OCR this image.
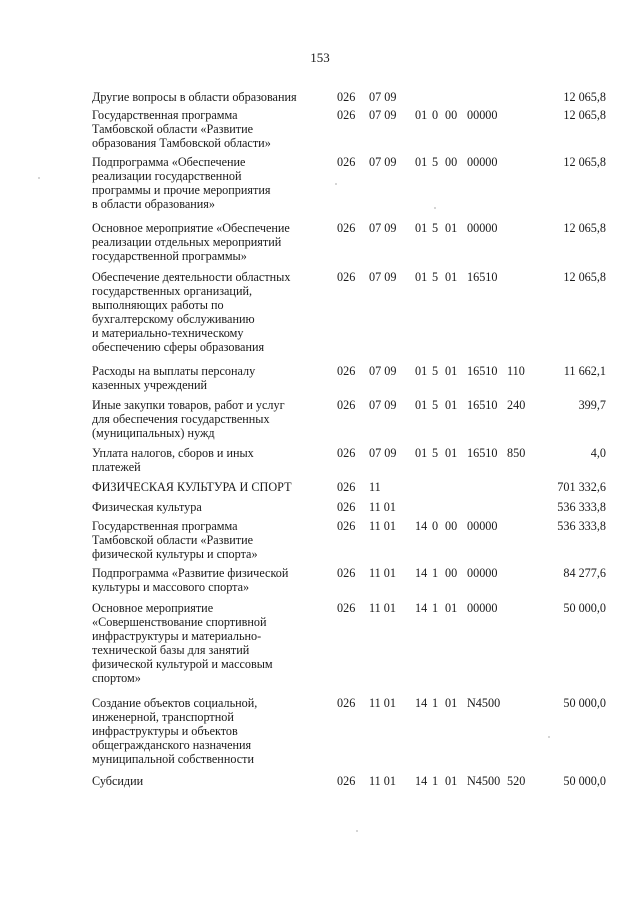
153
Другие вопросы в области образования	026 07 09	12 065,8
Государственная программа
Тамбовской области «Развитие
образования Тамбовской области»
026 07 09 01 0 00 00000	12 065,8
Подпрограмма «Обеспечение
реализации государственной
программы и прочие мероприятия
в области образования»
026 07 09 01 5 00 00000	12 065,8
Основное мероприятие «Обеспечение
реализации отдельных мероприятий
государственной программы»
026 07 09 01 5 01 00000	12 065,8
Обеспечение деятельности областных
государственных организаций,
выполняющих работы по
бухгалтерскому обслуживанию
и материально-техническому
обеспечению сферы образования
026 07 09 01 5 01 16510	12 065,8
Расходы на выплаты персоналу
казенных учреждений
026 07 09 01 5 01 16510 110	11 662,1
Иные закупки товаров, работ и услуг
для обеспечения государственных
(муниципальных) нужд
026 07 09 01 5 01 16510 240	399,7
Уплата налогов, сборов и иных
платежей
026 07 09 01 5 01 16510 850	4,0
ФИЗИЧЕСКАЯ КУЛЬТУРА И СПОРТ	026 11	701 332,6
Физическая культура	026 11 01	536 333,8
Государственная программа
Тамбовской области «Развитие
физической культуры и спорта»
026 11 01 14 0 00 00000	536 333,8
Подпрограмма «Развитие физической
культуры и массового спорта»
026 11 01 14 1 00 00000	84 277,6
Основное мероприятие
«Совершенствование спортивной
инфраструктуры и материально-
технической базы для занятий
физической культурой и массовым
спортом»
026 11 01 14 1 01 00000	50 000,0
Создание объектов социальной,
инженерной, транспортной
инфраструктуры и объектов
общегражданского назначения
муниципальной собственности
026 11 01 14 1 01 N4500	50 000,0
Субсидии	026 11 01 14 1 01 N4500 520	50 000,0
